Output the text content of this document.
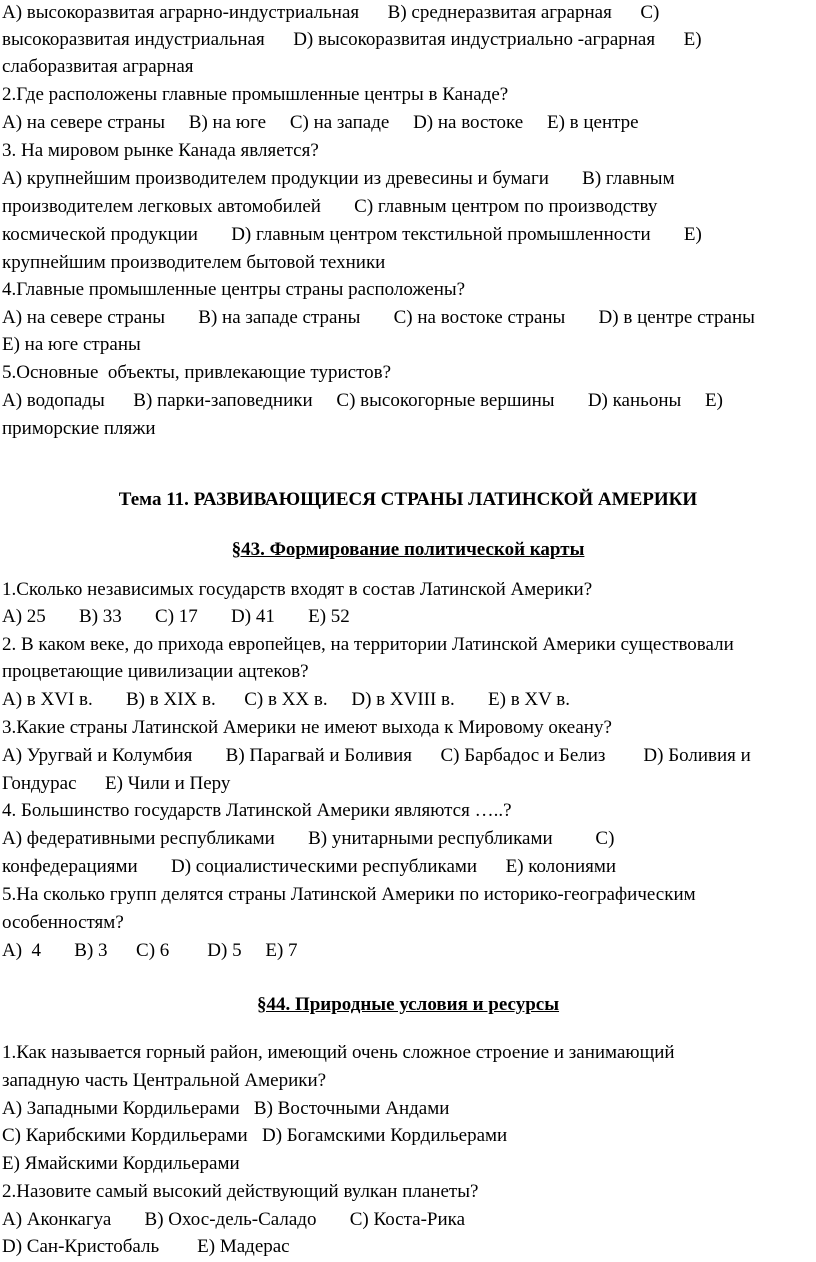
А) высокоразвитая аграрно-индустриальная      В) среднеразвитая аграрная      С)
высокоразвитая индустриальная      D) высокоразвитая индустриально -аграрная      Е)
слаборазвитая аграрная
2.Где расположены главные промышленные центры в Канаде?
А) на севере страны     В) на юге     С) на западе     D) на востоке     Е) в центре
3. На мировом рынке Канада является?
А) крупнейшим производителем продукции из древесины и бумаги       В) главным
производителем легковых автомобилей       С) главным центром по производству
космической продукции       D) главным центром текстильной промышленности       Е)
крупнейшим производителем бытовой техники
4.Главные промышленные центры страны расположены?
А) на севере страны       В) на западе страны       С) на востоке страны       D) в центре страны
Е) на юге страны
5.Основные  объекты, привлекающие туристов?
А) водопады      В) парки-заповедники     С) высокогорные вершины       D) каньоны     Е)
приморские пляжи
Тема 11. РАЗВИВАЮЩИЕСЯ СТРАНЫ ЛАТИНСКОЙ АМЕРИКИ
§43. Формирование политической карты
1.Сколько независимых государств входят в состав Латинской Америки?
А) 25       В) 33       С) 17       D) 41       Е) 52
2. В каком веке, до прихода европейцев, на территории Латинской Америки существовали
процветающие цивилизации ацтеков?
А) в XVI в.       В) в XIX в.      С) в XX в.     D) в XVIII в.       Е) в XV в.
3.Какие страны Латинской Америки не имеют выхода к Мировому океану?
А) Уругвай и Колумбия       В) Парагвай и Боливия      С) Барбадос и Белиз        D) Боливия и
Гондурас      Е) Чили и Перу
4. Большинство государств Латинской Америки являются …..?
А) федеративными республиками       В) унитарными республиками         С)
конфедерациями       D) социалистическими республиками      Е) колониями
5.На сколько групп делятся страны Латинской Америки по историко-географическим
особенностям?
А)  4       В) 3      С) 6        D) 5     Е) 7
§44. Природные условия и ресурсы
1.Как называется горный район, имеющий очень сложное строение и занимающий
западную часть Центральной Америки?
А) Западными Кордильерами   В) Восточными Андами
С) Карибскими Кордильерами   D) Богамскими Кордильерами
Е) Ямайскими Кордильерами
2.Назовите самый высокий действующий вулкан планеты?
А) Аконкагуа       В) Охос-дель-Саладо       С) Коста-Рика
D) Сан-Кристобаль        Е) Мадерас
